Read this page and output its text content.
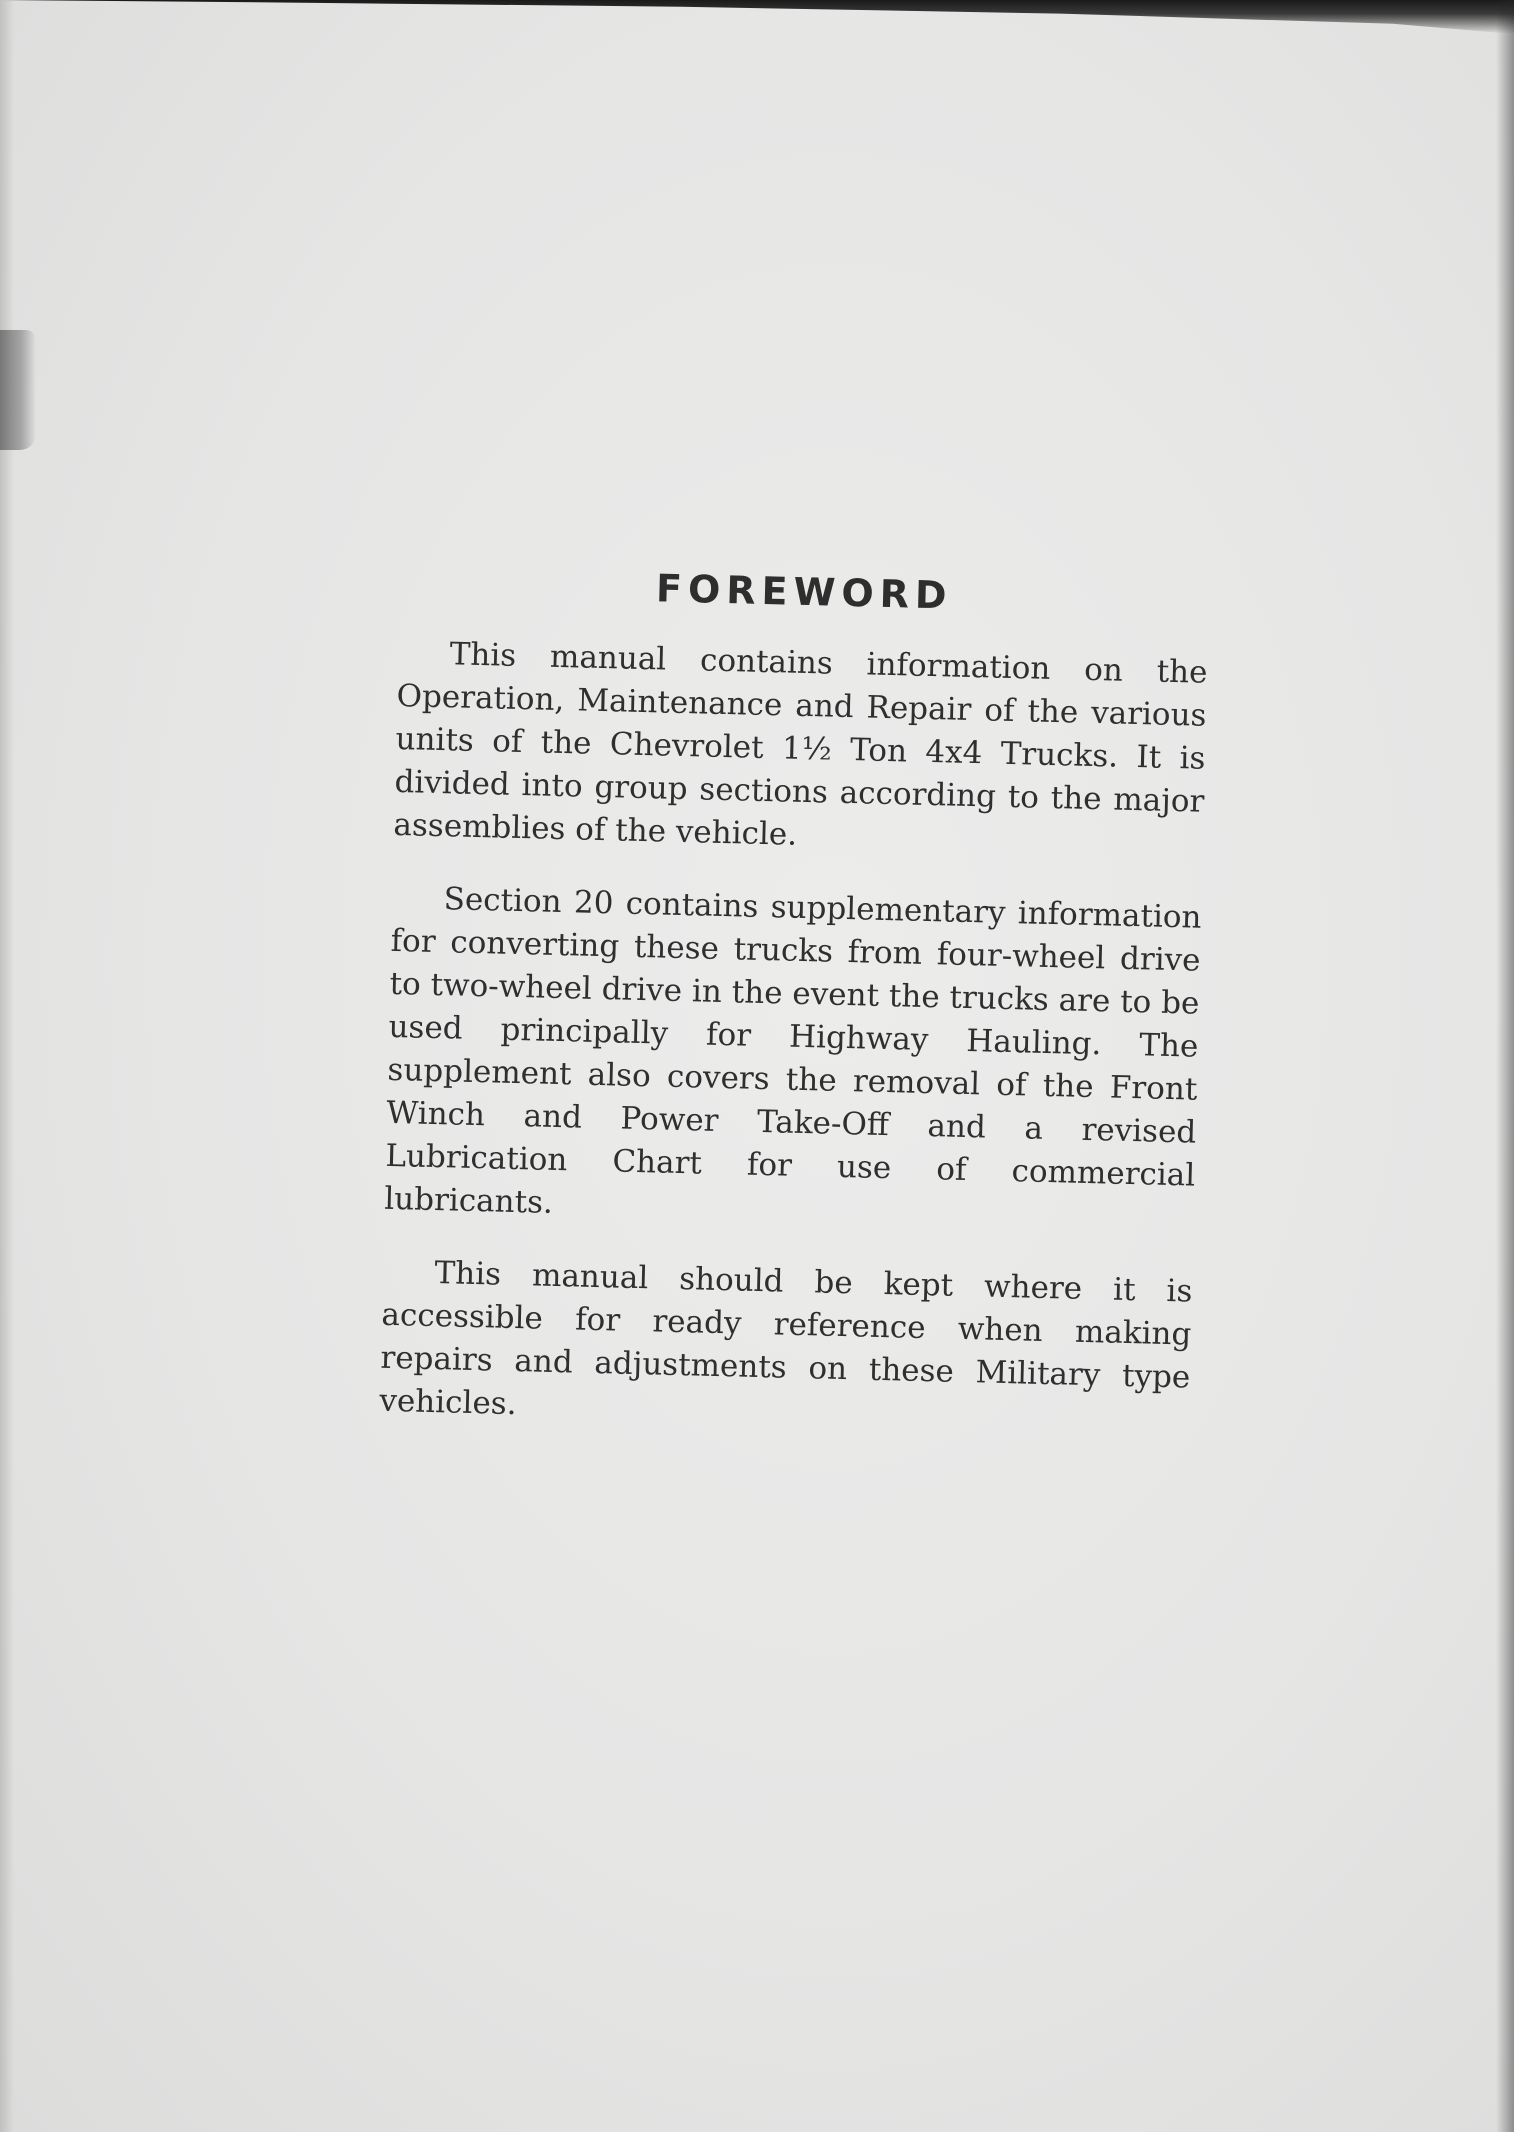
FOREWORD

This manual contains information on the Operation, Maintenance and Repair of the various units of the Chevrolet 1½ Ton 4x4 Trucks. It is divided into group sections according to the major assemblies of the vehicle.

Section 20 contains supplementary information for converting these trucks from four-wheel drive to two-wheel drive in the event the trucks are to be used principally for Highway Hauling. The supplement also covers the removal of the Front Winch and Power Take-Off and a revised Lubrication Chart for use of commercial lubricants.

This manual should be kept where it is accessible for ready reference when making repairs and adjustments on these Military type vehicles.
